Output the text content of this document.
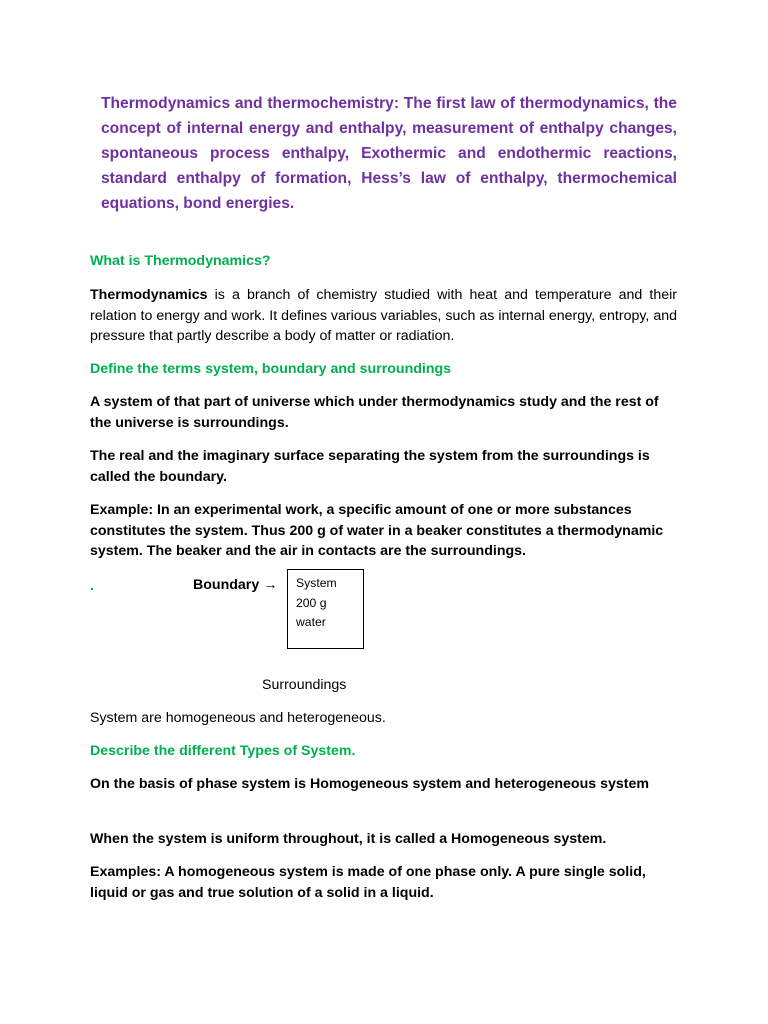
Thermodynamics and thermochemistry: The first law of thermodynamics, the concept of internal energy and enthalpy, measurement of enthalpy changes, spontaneous process enthalpy, Exothermic and endothermic reactions, standard enthalpy of formation, Hess’s law of enthalpy, thermochemical equations, bond energies.
What is Thermodynamics?
Thermodynamics is a branch of chemistry studied with heat and temperature and their relation to energy and work. It defines various variables, such as internal energy, entropy, and pressure that partly describe a body of matter or radiation.
Define the terms system, boundary and surroundings
A system of that part of universe which under thermodynamics study and the rest of the universe is surroundings.
The real and the imaginary surface separating the system from the surroundings is called the boundary.
Example: In an experimental work, a specific amount of one or more substances constitutes the system. Thus 200 g of water in a beaker constitutes a thermodynamic system. The beaker and the air in contacts are the surroundings.
.	Boundary → System
200 g
water
Surroundings
System are homogeneous and heterogeneous.
Describe the different Types of System.
On the basis of phase system is Homogeneous system and heterogeneous system
When the system is uniform throughout, it is called a Homogeneous system.
Examples: A homogeneous system is made of one phase only. A pure single solid, liquid or gas and true solution of a solid in a liquid.
